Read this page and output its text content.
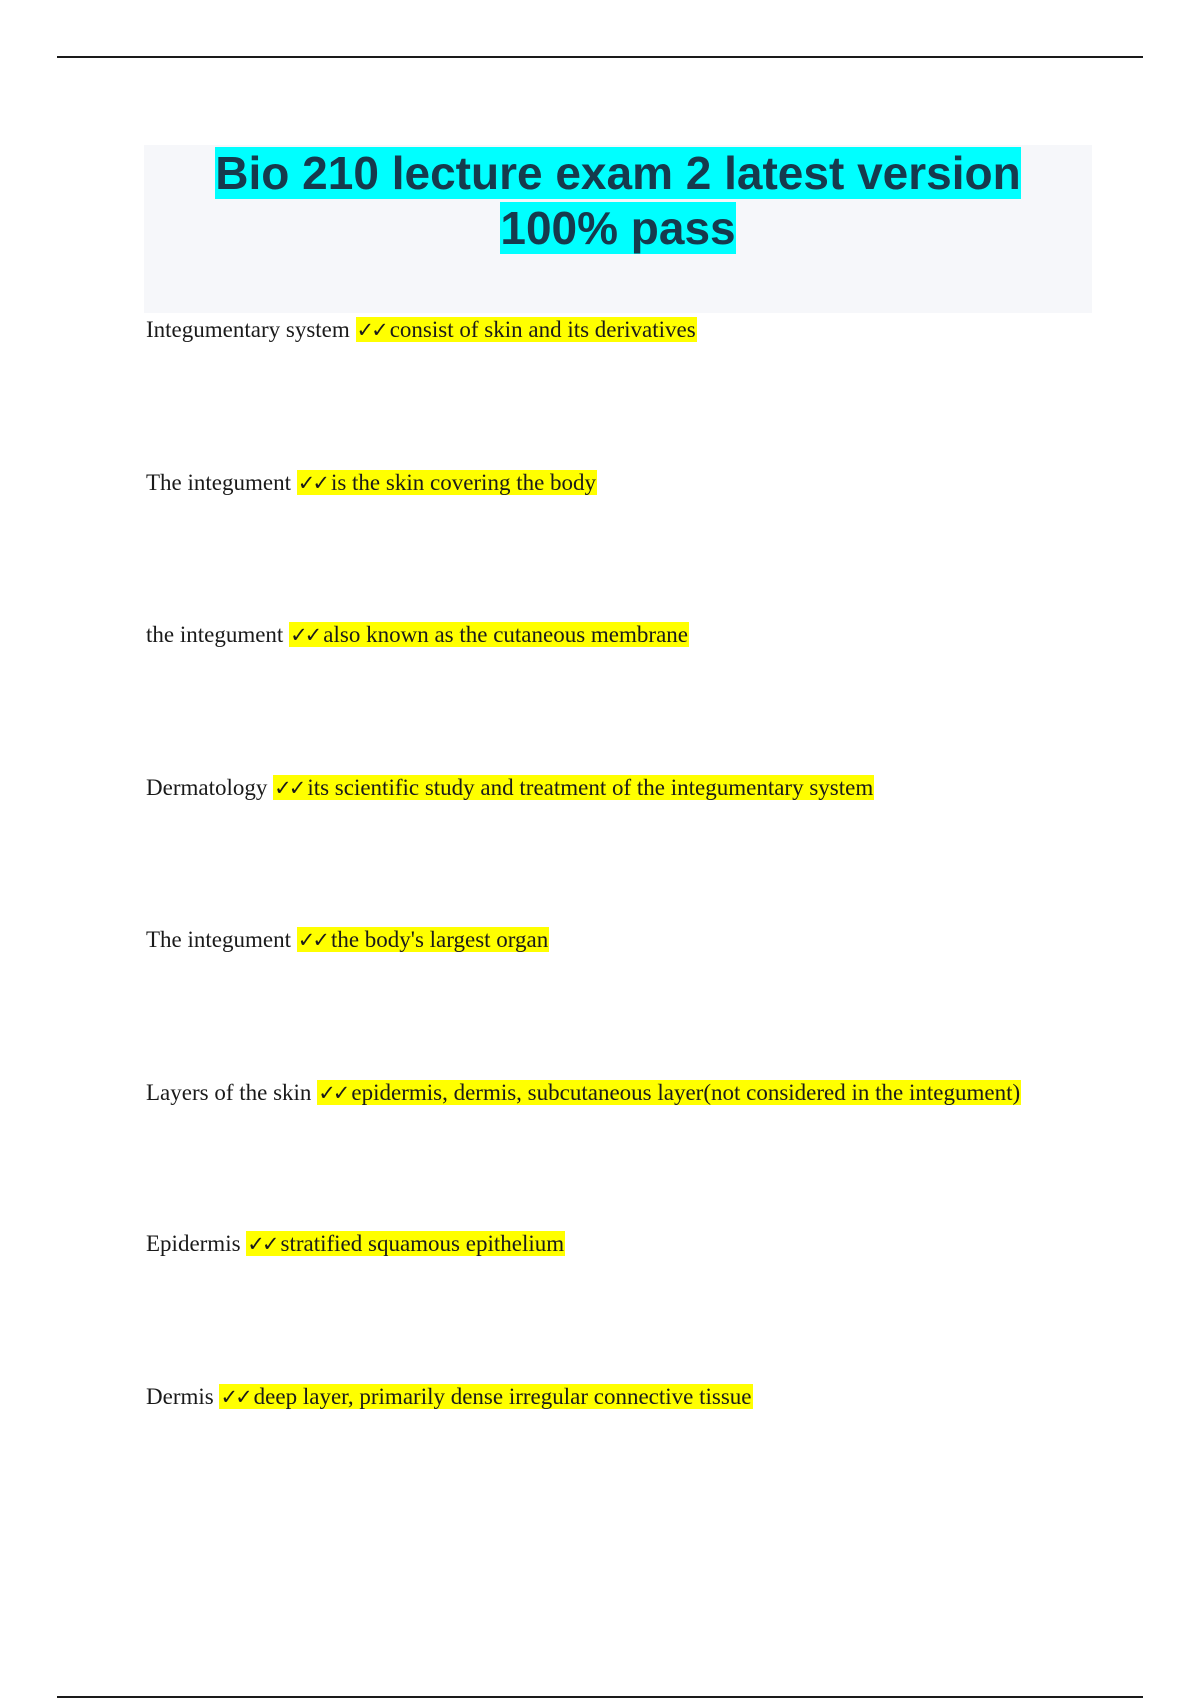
Bio 210 lecture exam 2 latest version
100% pass
Integumentary system ✓✓ consist of skin and its derivatives
The integument ✓✓ is the skin covering the body
the integument ✓✓ also known as the cutaneous membrane
Dermatology ✓✓ its scientific study and treatment of the integumentary system
The integument ✓✓ the body's largest organ
Layers of the skin ✓✓ epidermis, dermis, subcutaneous layer(not considered in the integument)
Epidermis ✓✓ stratified squamous epithelium
Dermis ✓✓ deep layer, primarily dense irregular connective tissue
